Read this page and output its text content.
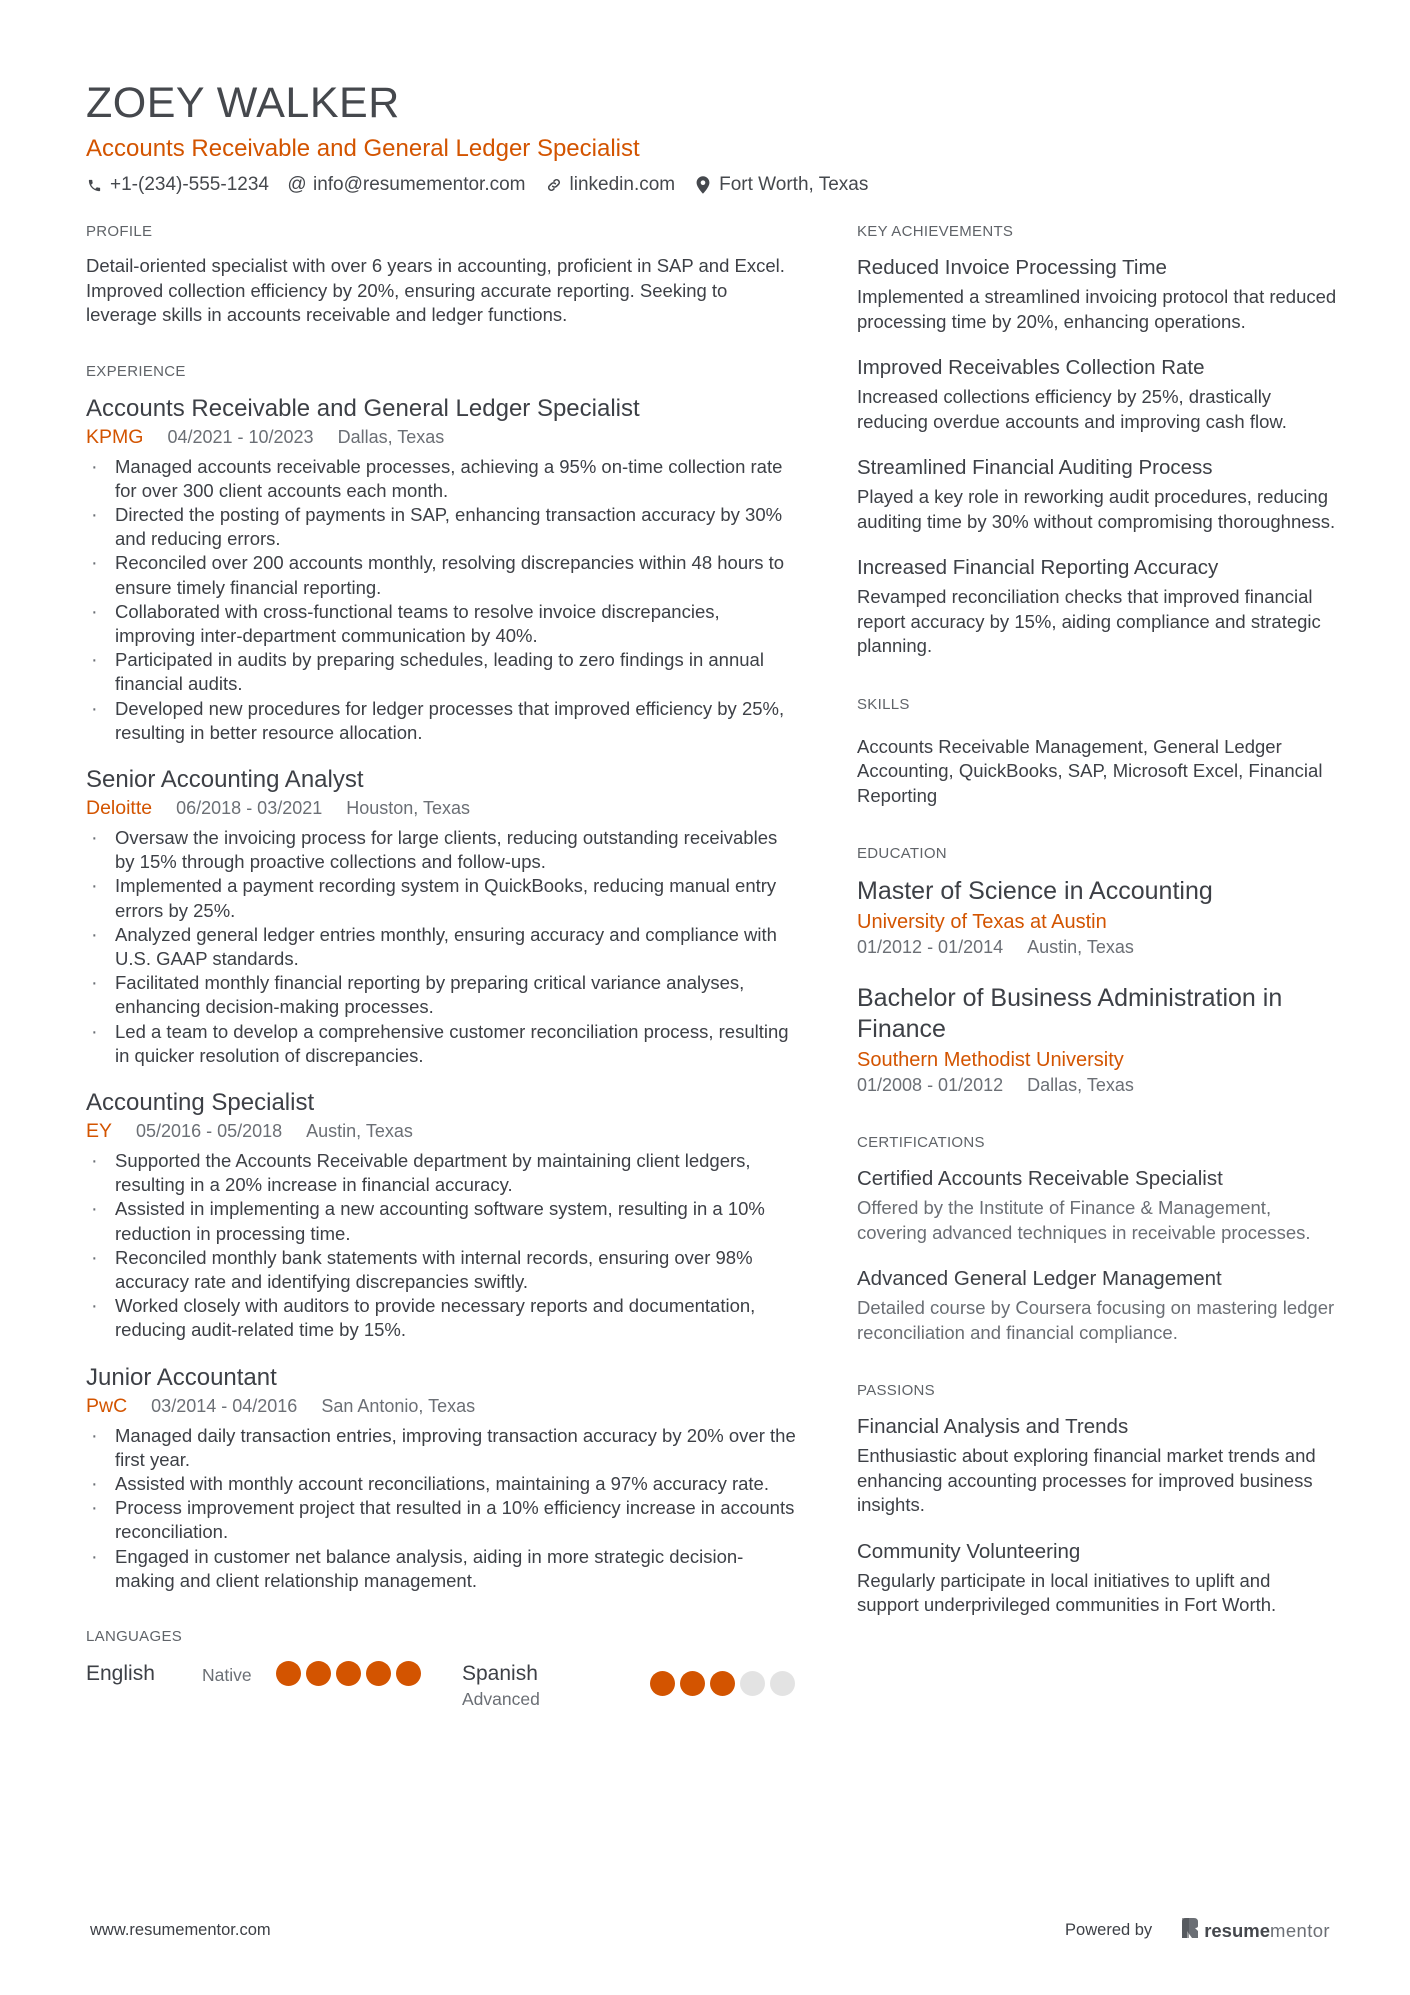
ZOEY WALKER
Accounts Receivable and General Ledger Specialist
+1-(234)-555-1234 @ info@resumementor.com linkedin.com Fort Worth, Texas
PROFILE
Detail-oriented specialist with over 6 years in accounting, proficient in SAP and Excel. Improved collection efficiency by 20%, ensuring accurate reporting. Seeking to leverage skills in accounts receivable and ledger functions.
EXPERIENCE
Accounts Receivable and General Ledger Specialist
KPMG 04/2021 - 10/2023 Dallas, Texas
· Managed accounts receivable processes, achieving a 95% on-time collection rate for over 300 client accounts each month.
· Directed the posting of payments in SAP, enhancing transaction accuracy by 30% and reducing errors.
· Reconciled over 200 accounts monthly, resolving discrepancies within 48 hours to ensure timely financial reporting.
· Collaborated with cross-functional teams to resolve invoice discrepancies, improving inter-department communication by 40%.
· Participated in audits by preparing schedules, leading to zero findings in annual financial audits.
· Developed new procedures for ledger processes that improved efficiency by 25%, resulting in better resource allocation.
Senior Accounting Analyst
Deloitte 06/2018 - 03/2021 Houston, Texas
· Oversaw the invoicing process for large clients, reducing outstanding receivables by 15% through proactive collections and follow-ups.
· Implemented a payment recording system in QuickBooks, reducing manual entry errors by 25%.
· Analyzed general ledger entries monthly, ensuring accuracy and compliance with U.S. GAAP standards.
· Facilitated monthly financial reporting by preparing critical variance analyses, enhancing decision-making processes.
· Led a team to develop a comprehensive customer reconciliation process, resulting in quicker resolution of discrepancies.
Accounting Specialist
EY 05/2016 - 05/2018 Austin, Texas
· Supported the Accounts Receivable department by maintaining client ledgers, resulting in a 20% increase in financial accuracy.
· Assisted in implementing a new accounting software system, resulting in a 10% reduction in processing time.
· Reconciled monthly bank statements with internal records, ensuring over 98% accuracy rate and identifying discrepancies swiftly.
· Worked closely with auditors to provide necessary reports and documentation, reducing audit-related time by 15%.
Junior Accountant
PwC 03/2014 - 04/2016 San Antonio, Texas
· Managed daily transaction entries, improving transaction accuracy by 20% over the first year.
· Assisted with monthly account reconciliations, maintaining a 97% accuracy rate.
· Process improvement project that resulted in a 10% efficiency increase in accounts reconciliation.
· Engaged in customer net balance analysis, aiding in more strategic decision-making and client relationship management.
LANGUAGES
English	Native	Spanish
Advanced
KEY ACHIEVEMENTS
Reduced Invoice Processing Time
Implemented a streamlined invoicing protocol that reduced processing time by 20%, enhancing operations.
Improved Receivables Collection Rate
Increased collections efficiency by 25%, drastically reducing overdue accounts and improving cash flow.
Streamlined Financial Auditing Process
Played a key role in reworking audit procedures, reducing auditing time by 30% without compromising thoroughness.
Increased Financial Reporting Accuracy
Revamped reconciliation checks that improved financial report accuracy by 15%, aiding compliance and strategic planning.
SKILLS
Accounts Receivable Management, General Ledger Accounting, QuickBooks, SAP, Microsoft Excel, Financial Reporting
EDUCATION
Master of Science in Accounting
University of Texas at Austin
01/2012 - 01/2014 Austin, Texas
Bachelor of Business Administration in Finance
Southern Methodist University
01/2008 - 01/2012 Dallas, Texas
CERTIFICATIONS
Certified Accounts Receivable Specialist
Offered by the Institute of Finance & Management, covering advanced techniques in receivable processes.
Advanced General Ledger Management
Detailed course by Coursera focusing on mastering ledger reconciliation and financial compliance.
PASSIONS
Financial Analysis and Trends
Enthusiastic about exploring financial market trends and enhancing accounting processes for improved business insights.
Community Volunteering
Regularly participate in local initiatives to uplift and support underprivileged communities in Fort Worth.
www.resumementor.com	Powered by	resumementor
